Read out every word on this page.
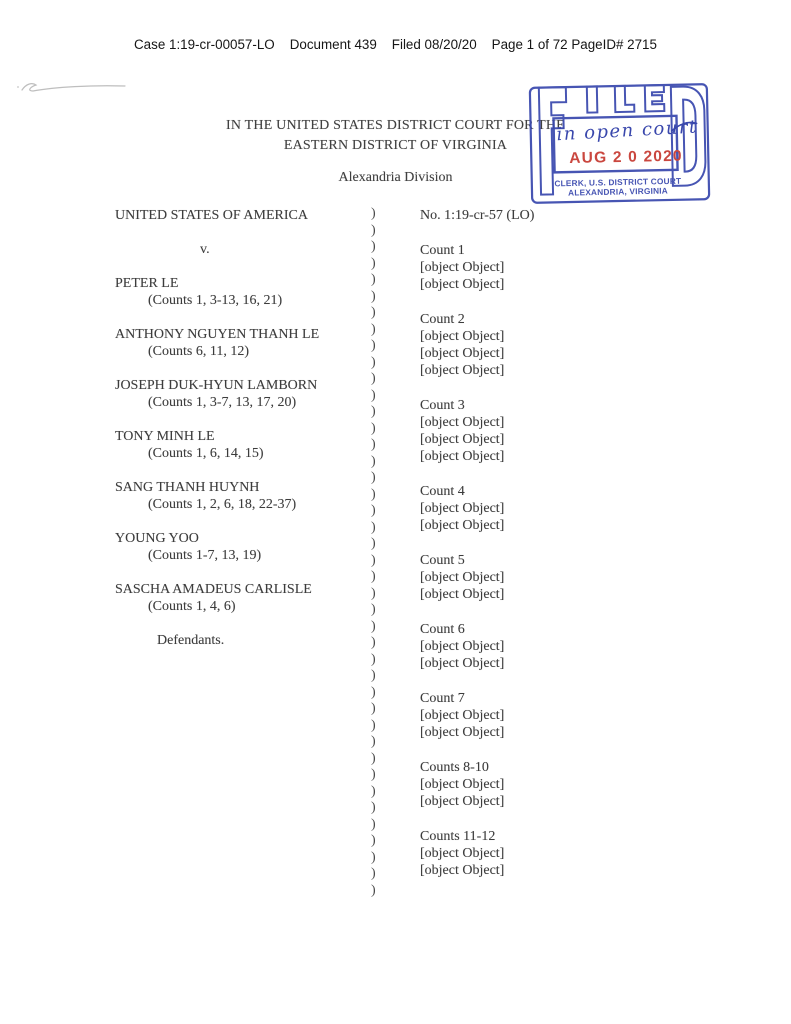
Case 1:19-cr-00057-LO Document 439 Filed 08/20/20 Page 1 of 72 PageID# 2715
IN THE UNITED STATES DISTRICT COURT FOR THE
EASTERN DISTRICT OF VIRGINIA
Alexandria Division
in open court
AUG 2 0 2020
CLERK, U.S. DISTRICT COURT
ALEXANDRIA, VIRGINIA

UNITED STATES OF AMERICA

v.

PETER LE

(Counts 1, 3-13, 16, 21)

ANTHONY NGUYEN THANH LE

(Counts 6, 11, 12)

JOSEPH DUK-HYUN LAMBORN

(Counts 1, 3-7, 13, 17, 20)

TONY MINH LE

(Counts 1, 6, 14, 15)

SANG THANH HUYNH

(Counts 1, 2, 6, 18, 22-37)

YOUNG YOO

(Counts 1-7, 13, 19)

SASCHA AMADEUS CARLISLE

(Counts 1, 4, 6)

Defendants.

)
)
)
)
)
)
)
)
)
)
)
)
)
)
)
)
)
)
)
)
)
)
)
)
)
)
)
)
)
)
)
)
)
)
)
)
)
)
)
)
)
)

No. 1:19-cr-57 (LO)

Count 1

[object Object]

[object Object]

Count 2

[object Object]

[object Object]

[object Object]

Count 3

[object Object]

[object Object]

[object Object]

Count 4

[object Object]

[object Object]

Count 5

[object Object]

[object Object]

Count 6

[object Object]

[object Object]

Count 7

[object Object]

[object Object]

Counts 8-10

[object Object]

[object Object]

Counts 11-12

[object Object]

[object Object]
